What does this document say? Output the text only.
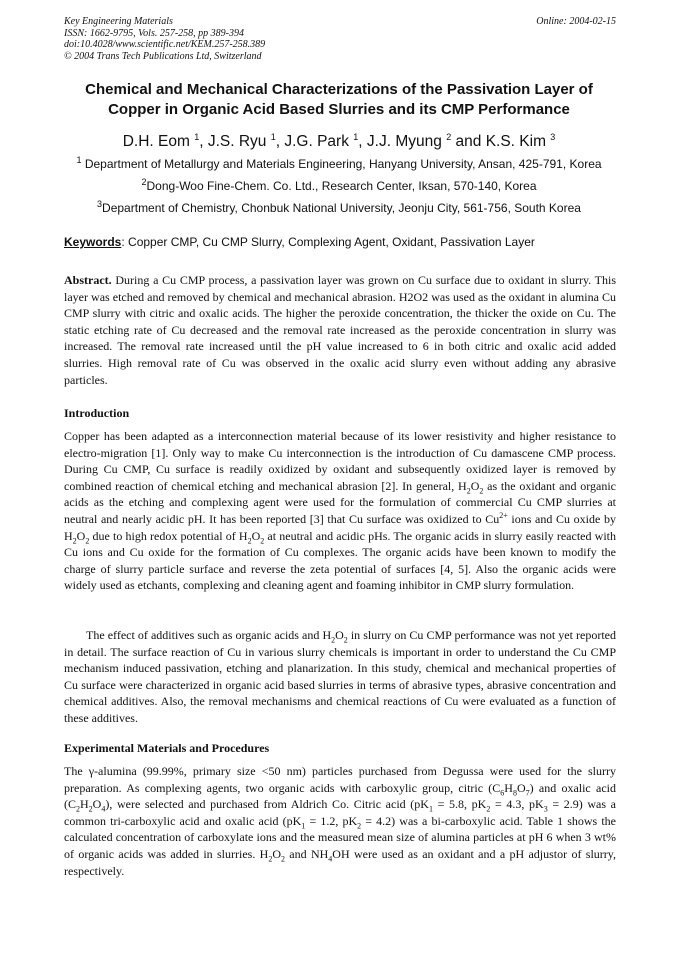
Key Engineering Materials
ISSN: 1662-9795, Vols. 257-258, pp 389-394
doi:10.4028/www.scientific.net/KEM.257-258.389
© 2004 Trans Tech Publications Ltd, Switzerland
Online: 2004-02-15
Chemical and Mechanical Characterizations of the Passivation Layer of
Copper in Organic Acid Based Slurries and its CMP Performance
D.H. Eom $^1$, J.S. Ryu $^1$, J.G. Park $^1$, J.J. Myung $^2$ and K.S. Kim $^3$
$^1$ Department of Metallurgy and Materials Engineering, Hanyang University, Ansan, 425-791, Korea
$^2$Dong-Woo Fine-Chem. Co. Ltd., Research Center, Iksan, 570-140, Korea
$^3$Department of Chemistry, Chonbuk National University, Jeonju City, 561-756, South Korea
Keywords: Copper CMP, Cu CMP Slurry, Complexing Agent, Oxidant, Passivation Layer
Abstract. During a Cu CMP process, a passivation layer was grown on Cu surface due to oxidant in slurry. This layer was etched and removed by chemical and mechanical abrasion. H2O2 was used as the oxidant in alumina Cu CMP slurry with citric and oxalic acids. The higher the peroxide concentration, the thicker the oxide on Cu. The static etching rate of Cu decreased and the removal rate increased as the peroxide concentration in slurry was increased. The removal rate increased until the pH value increased to 6 in both citric and oxalic acid added slurries. High removal rate of Cu was observed in the oxalic acid slurry even without adding any abrasive particles.
Introduction
Copper has been adapted as a interconnection material because of its lower resistivity and higher resistance to electro-migration [1]. Only way to make Cu interconnection is the introduction of Cu damascene CMP process. During Cu CMP, Cu surface is readily oxidized by oxidant and subsequently oxidized layer is removed by combined reaction of chemical etching and mechanical abrasion [2]. In general, $H_2O_2$ as the oxidant and organic acids as the etching and complexing agent were used for the formulation of commercial Cu CMP slurries at neutral and nearly acidic pH. It has been reported [3] that Cu surface was oxidized to $Cu^{2+}$ ions and Cu oxide by $H_2O_2$ due to high redox potential of $H_2O_2$ at neutral and acidic pHs. The organic acids in slurry easily reacted with Cu ions and Cu oxide for the formation of Cu complexes. The organic acids have been known to modify the charge of slurry particle surface and reverse the zeta potential of surfaces [4, 5]. Also the organic acids were widely used as etchants, complexing and cleaning agent and foaming inhibitor in CMP slurry formulation.
The effect of additives such as organic acids and $H_2O_2$ in slurry on Cu CMP performance was not yet reported in detail. The surface reaction of Cu in various slurry chemicals is important in order to understand the Cu CMP mechanism induced passivation, etching and planarization. In this study, chemical and mechanical properties of Cu surface were characterized in organic acid based slurries in terms of abrasive types, abrasive concentration and chemical additives. Also, the removal mechanisms and chemical reactions of Cu were evaluated as a function of these additives.
Experimental Materials and Procedures
The γ-alumina (99.99%, primary size <50 nm) particles purchased from Degussa were used for the slurry preparation. As complexing agents, two organic acids with carboxylic group, citric $(C_6H_8O_7)$ and oxalic acid $(C_2H_2O_4)$, were selected and purchased from Aldrich Co. Citric acid ($pK_1 = 5.8$, $pK_2 = 4.3$, $pK_3 = 2.9$) was a common tri-carboxylic acid and oxalic acid ($pK_1 = 1.2$, $pK_2 = 4.2$) was a bi-carboxylic acid. Table 1 shows the calculated concentration of carboxylate ions and the measured mean size of alumina particles at pH 6 when 3 wt% of organic acids was added in slurries. $H_2O_2$ and $NH_4OH$ were used as an oxidant and a pH adjustor of slurry, respectively.
